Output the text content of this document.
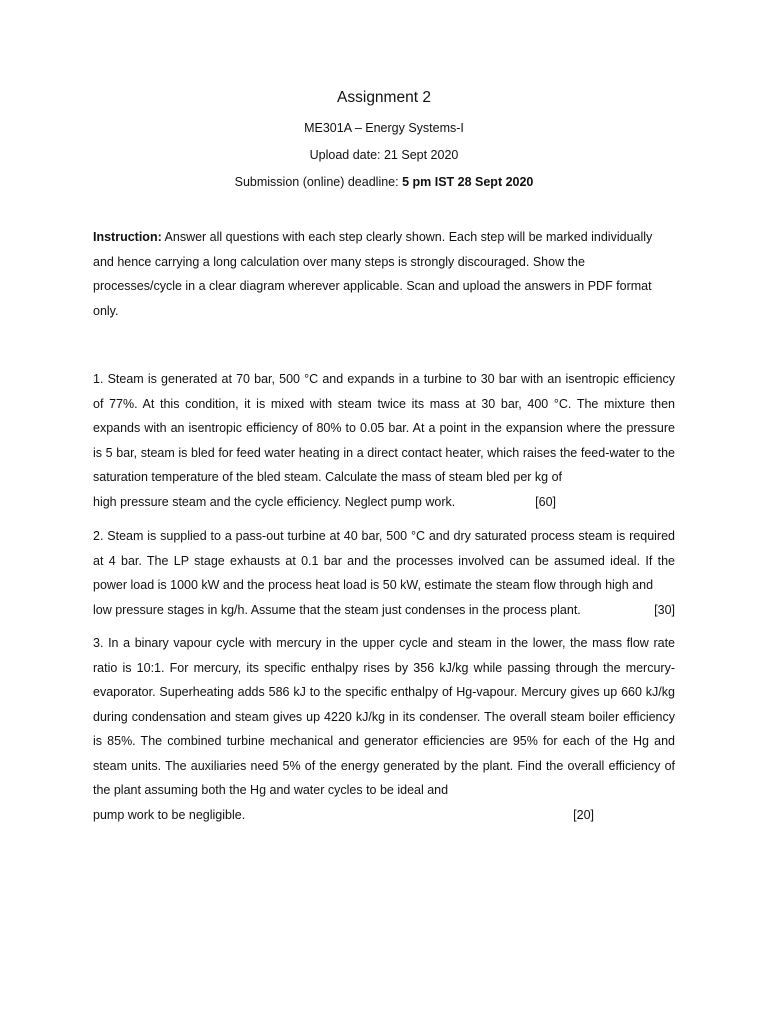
Assignment 2
ME301A – Energy Systems-I
Upload date: 21 Sept 2020
Submission (online) deadline: 5 pm IST 28 Sept 2020
Instruction: Answer all questions with each step clearly shown. Each step will be marked individually and hence carrying a long calculation over many steps is strongly discouraged. Show the processes/cycle in a clear diagram wherever applicable. Scan and upload the answers in PDF format only.
1. Steam is generated at 70 bar, 500 °C and expands in a turbine to 30 bar with an isentropic efficiency of 77%. At this condition, it is mixed with steam twice its mass at 30 bar, 400 °C. The mixture then expands with an isentropic efficiency of 80% to 0.05 bar. At a point in the expansion where the pressure is 5 bar, steam is bled for feed water heating in a direct contact heater, which raises the feed-water to the saturation temperature of the bled steam. Calculate the mass of steam bled per kg of
high pressure steam and the cycle efficiency. Neglect pump work.	[60]
2. Steam is supplied to a pass-out turbine at 40 bar, 500 °C and dry saturated process steam is required at 4 bar. The LP stage exhausts at 0.1 bar and the processes involved can be assumed ideal. If the power load is 1000 kW and the process heat load is 50 kW, estimate the steam flow through high and
low pressure stages in kg/h. Assume that the steam just condenses in the process plant.	[30]
3. In a binary vapour cycle with mercury in the upper cycle and steam in the lower, the mass flow rate ratio is 10:1. For mercury, its specific enthalpy rises by 356 kJ/kg while passing through the mercury-evaporator. Superheating adds 586 kJ to the specific enthalpy of Hg-vapour. Mercury gives up 660 kJ/kg during condensation and steam gives up 4220 kJ/kg in its condenser. The overall steam boiler efficiency is 85%. The combined turbine mechanical and generator efficiencies are 95% for each of the Hg and steam units. The auxiliaries need 5% of the energy generated by the plant. Find the overall efficiency of the plant assuming both the Hg and water cycles to be ideal and
pump work to be negligible.	[20]
